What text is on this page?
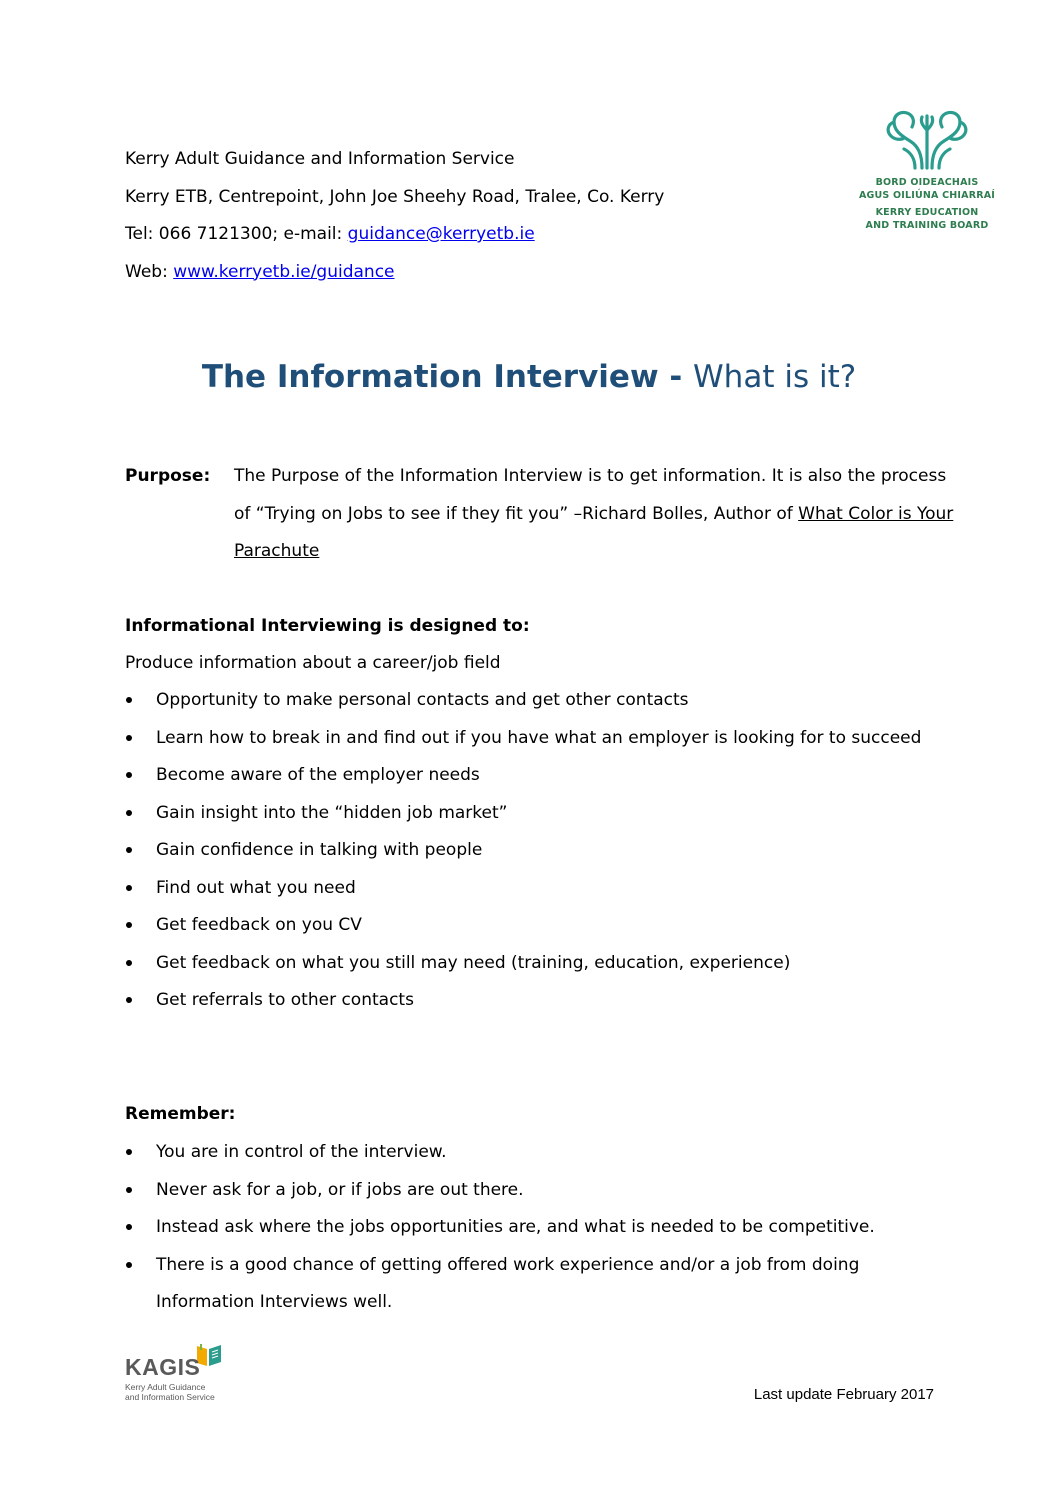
Kerry Adult Guidance and Information Service
Kerry ETB, Centrepoint, John Joe Sheehy Road, Tralee, Co. Kerry
Tel: 066 7121300; e-mail: guidance@kerryetb.ie
Web: www.kerryetb.ie/guidance
BORD OIDEACHAIS
AGUS OILIÚNA CHIARRAÍ
KERRY EDUCATION
AND TRAINING BOARD
The Information Interview - What is it?
Purpose: The Purpose of the Information Interview is to get information. It is also the process of “Trying on Jobs to see if they fit you” –Richard Bolles, Author of What Color is Your Parachute
Informational Interviewing is designed to:
Produce information about a career/job field
Opportunity to make personal contacts and get other contacts
Learn how to break in and find out if you have what an employer is looking for to succeed
Become aware of the employer needs
Gain insight into the “hidden job market”
Gain confidence in talking with people
Find out what you need
Get feedback on you CV
Get feedback on what you still may need (training, education, experience)
Get referrals to other contacts
Remember:
You are in control of the interview.
Never ask for a job, or if jobs are out there.
Instead ask where the jobs opportunities are, and what is needed to be competitive.
There is a good chance of getting offered work experience and/or a job from doing Information Interviews well.
KAGIS
Kerry Adult Guidance
and Information Service	Last update February 2017
